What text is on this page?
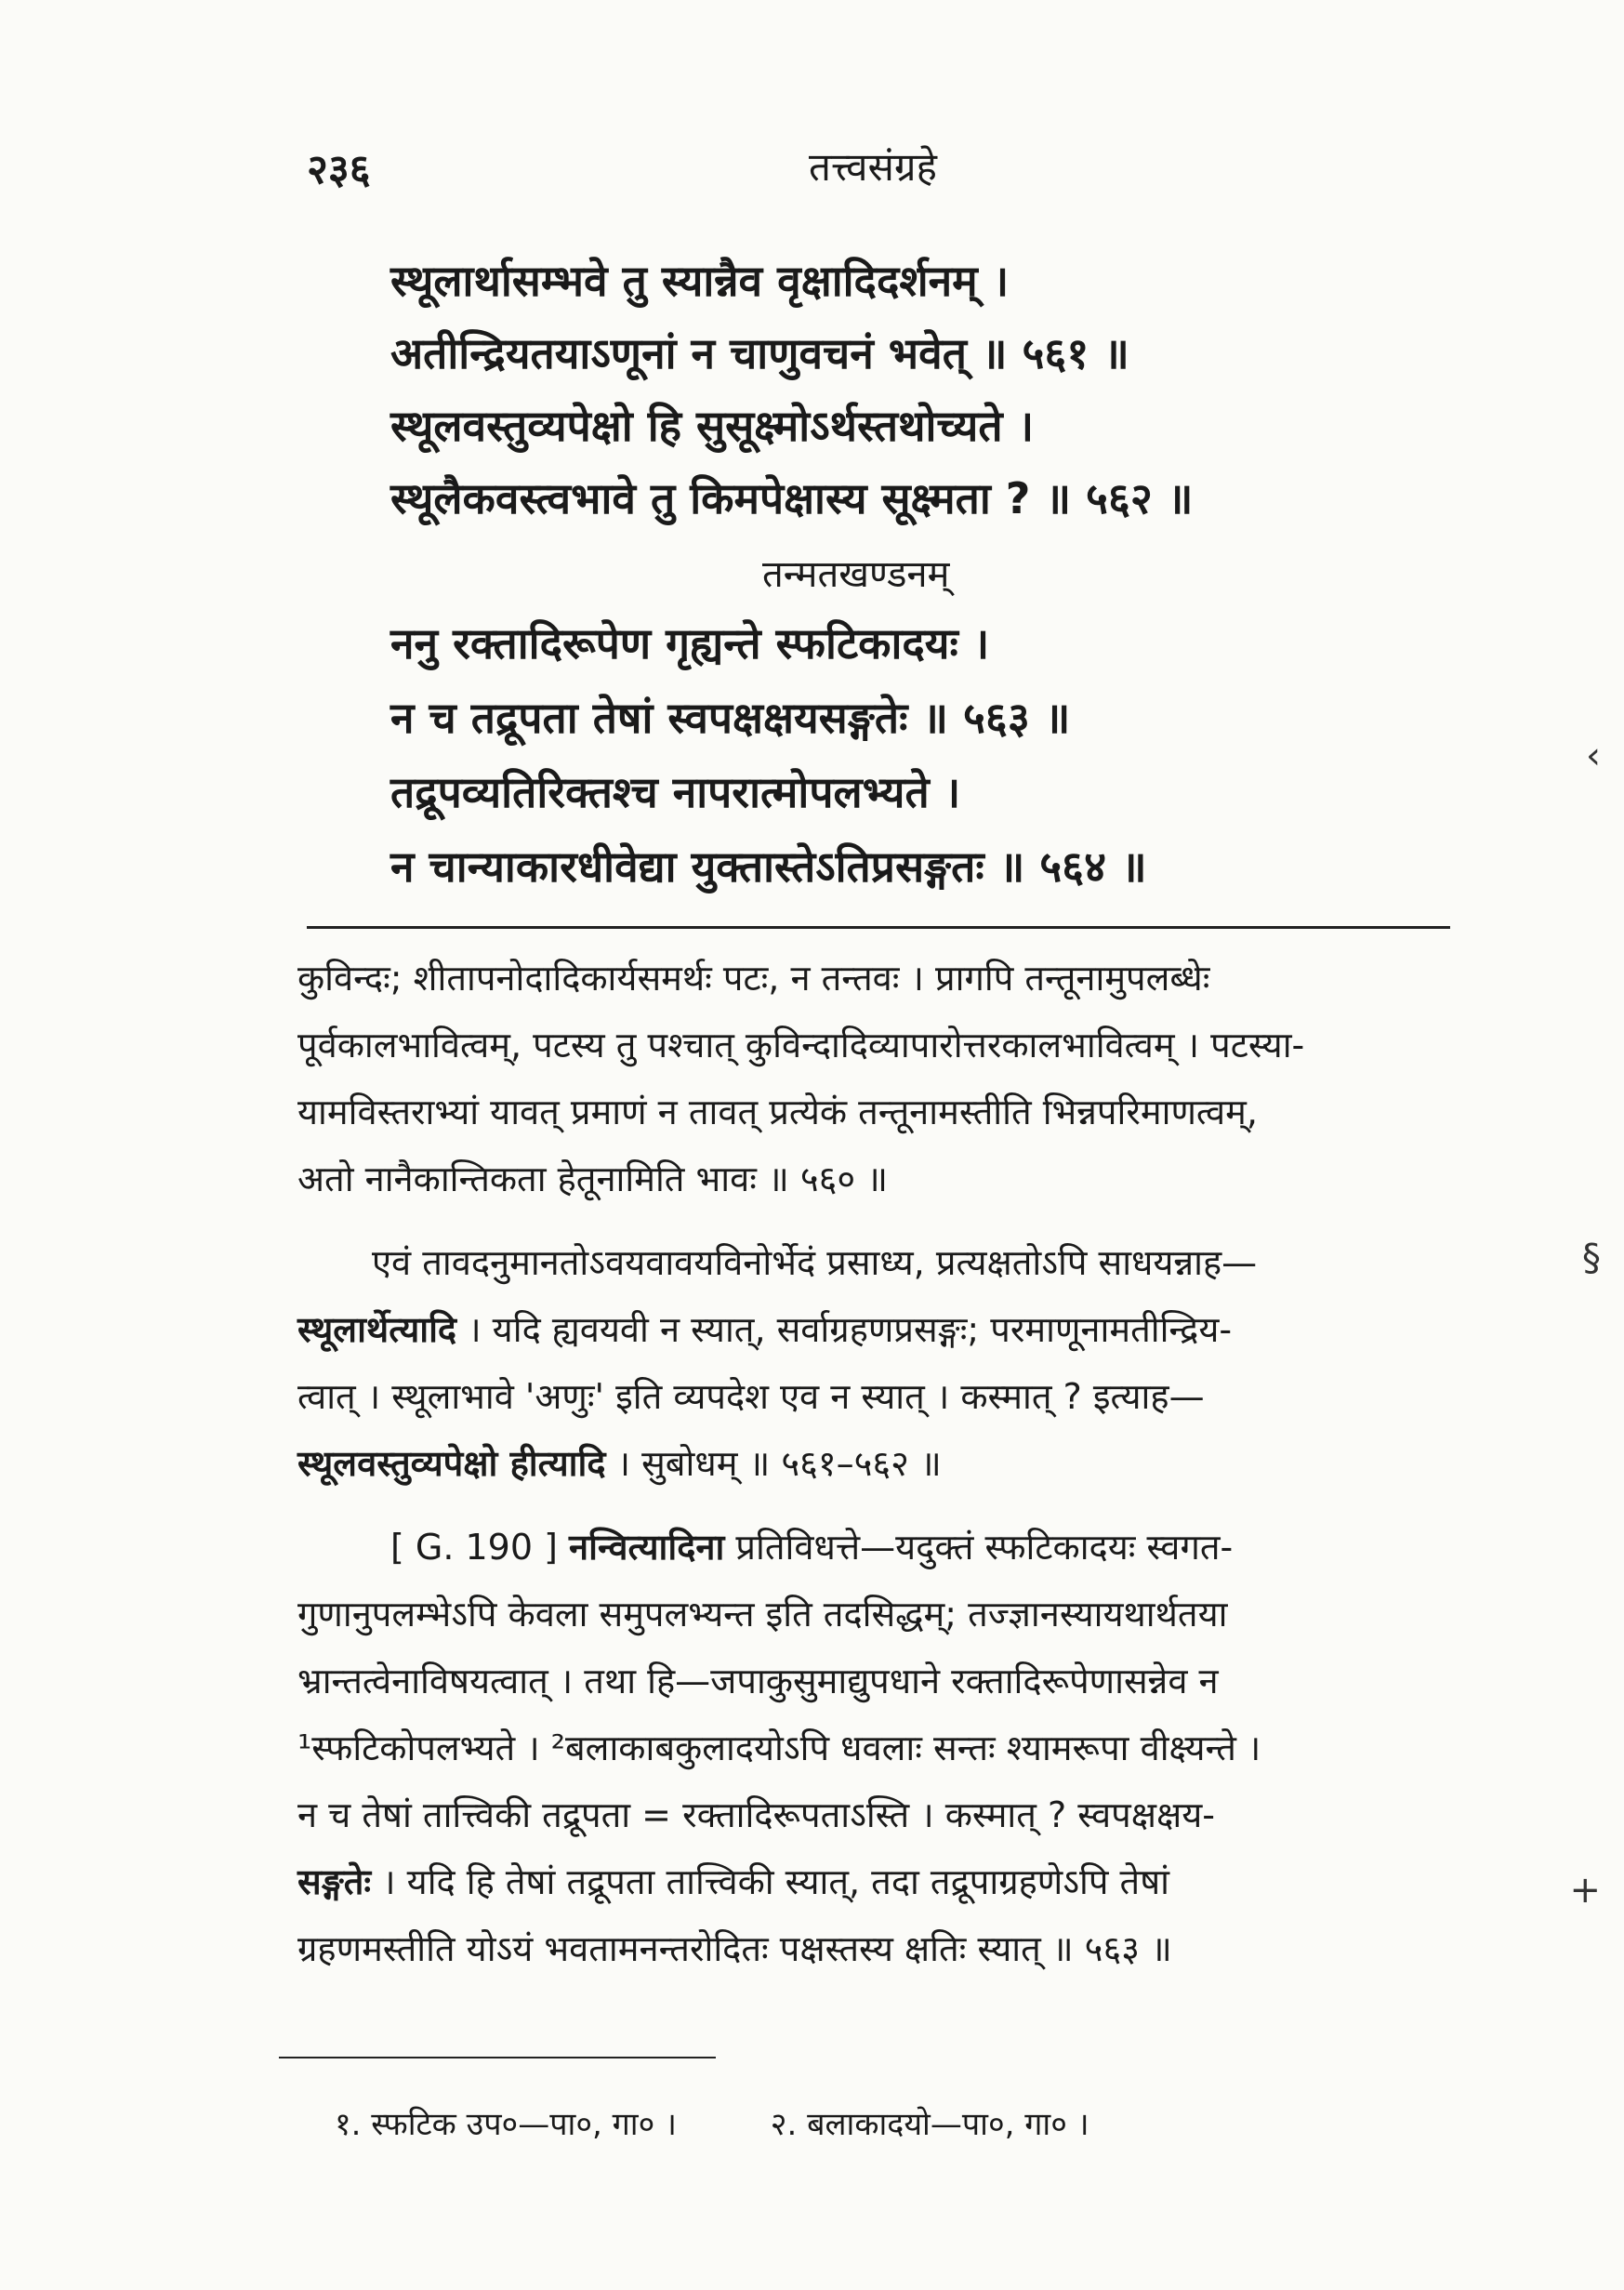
२३६	तत्त्वसंग्रहे
स्थूलार्थासम्भवे तु स्यान्नैव वृक्षादिदर्शनम् ।
अतीन्द्रियतयाऽणूनां न चाणुवचनं भवेत् ॥ ५६१ ॥
स्थूलवस्तुव्यपेक्षो हि सुसूक्ष्मोऽर्थस्तथोच्यते ।
स्थूलैकवस्त्वभावे तु किमपेक्षास्य सूक्ष्मता ? ॥ ५६२ ॥
तन्मतखण्डनम्
ननु रक्तादिरूपेण गृह्यन्ते स्फटिकादयः ।
न च तद्रूपता तेषां स्वपक्षक्षयसङ्गतेः ॥ ५६३ ॥
तद्रूपव्यतिरिक्तश्च नापरात्मोपलभ्यते ।
न चान्याकारधीवेद्या युक्तास्तेऽतिप्रसङ्गतः ॥ ५६४ ॥
कुविन्दः; शीतापनोदादिकार्यसमर्थः पटः, न तन्तवः । प्रागपि तन्तूनामुपलब्धेः
पूर्वकालभावित्वम्, पटस्य तु पश्चात् कुविन्दादिव्यापारोत्तरकालभावित्वम् । पटस्या-
यामविस्तराभ्यां यावत् प्रमाणं न तावत् प्रत्येकं तन्तूनामस्तीति भिन्नपरिमाणत्वम्,
अतो नानैकान्तिकता हेतूनामिति भावः ॥ ५६० ॥
एवं तावदनुमानतोऽवयवावयविनोर्भेदं प्रसाध्य, प्रत्यक्षतोऽपि साधयन्नाह—
स्थूलार्थेत्यादि । यदि ह्यवयवी न स्यात्, सर्वाग्रहणप्रसङ्गः; परमाणूनामतीन्द्रिय-
त्वात् । स्थूलाभावे 'अणुः' इति व्यपदेश एव न स्यात् । कस्मात् ? इत्याह—
स्थूलवस्तुव्यपेक्षो हीत्यादि । सुबोधम् ॥ ५६१–५६२ ॥
[ G. 190 ] नन्वित्यादिना प्रतिविधत्ते—यदुक्तं स्फटिकादयः स्वगत-
गुणानुपलम्भेऽपि केवला समुपलभ्यन्त इति तदसिद्धम्; तज्ज्ञानस्यायथार्थतया
भ्रान्तत्वेनाविषयत्वात् । तथा हि—जपाकुसुमाद्युपधाने रक्तादिरूपेणासन्नेव न
¹स्फटिकोपलभ्यते । ²बलाकाबकुलादयोऽपि धवलाः सन्तः श्यामरूपा वीक्ष्यन्ते ।
न च तेषां तात्त्विकी तद्रूपता = रक्तादिरूपताऽस्ति । कस्मात् ? स्वपक्षक्षय-
सङ्गतेः । यदि हि तेषां तद्रूपता तात्त्विकी स्यात्, तदा तद्रूपाग्रहणेऽपि तेषां
ग्रहणमस्तीति योऽयं भवतामनन्तरोदितः पक्षस्तस्य क्षतिः स्यात् ॥ ५६३ ॥
१. स्फटिक उप०—पा०, गा० ।	२. बलाकादयो—पा०, गा० ।
‹
§
+
